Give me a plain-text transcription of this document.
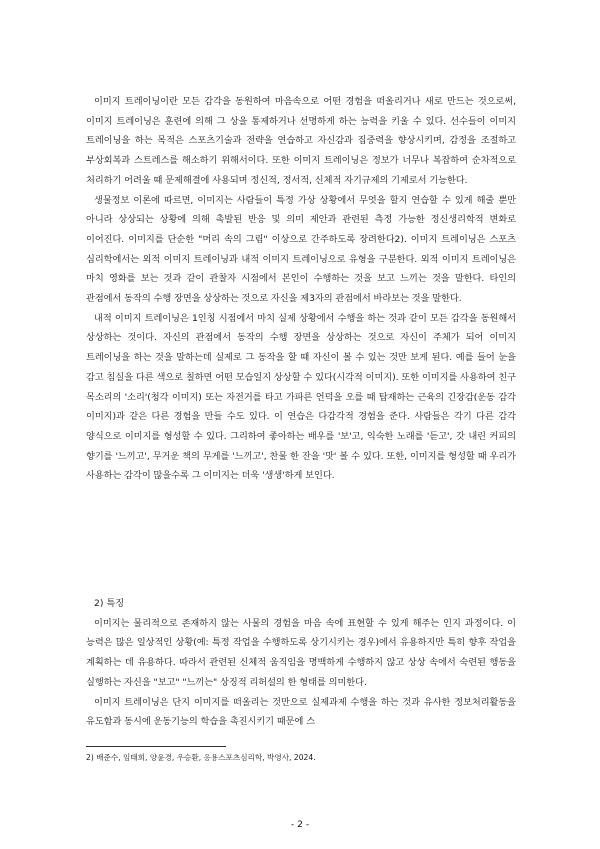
이미지 트레이닝이란 모든 감각을 동원하여 마음속으로 어떤 경험을 떠올리거나 새로 만드는 것으로써, 이미지 트레이닝은 훈련에 의해 그 상을 통제하거나 선명하게 하는 능력을 키울 수 있다. 선수들이 이미지 트레이닝을 하는 목적은 스포츠기술과 전략을 연습하고 자신감과 집중력을 향상시키며, 감정을 조절하고 부상회복과 스트레스를 해소하기 위해서이다. 또한 이미지 트레이닝은 정보가 너무나 복잡하여 순차적으로 처리하기 어려울 때 문제해결에 사용되며 정신적, 정서적, 신체적 자기규제의 기제로서 기능한다.

생물정보 이론에 따르면, 이미지는 사람들이 특정 가상 상황에서 무엇을 할지 연습할 수 있게 해줄 뿐만 아니라 상상되는 상황에 의해 촉발된 반응 및 의미 제안과 관련된 측정 가능한 정신생리학적 변화로 이어진다. 이미지를 단순한 "머리 속의 그림" 이상으로 간주하도록 장려한다2). 이미지 트레이닝은 스포츠 심리학에서는 외적 이미지 트레이닝과 내적 이미지 트레이닝으로 유형을 구분한다. 외적 이미지 트레이닝은 마치 영화를 보는 것과 같이 관찰자 시점에서 본인이 수행하는 것을 보고 느끼는 것을 말한다. 타인의 관점에서 동작의 수행 장면을 상상하는 것으로 자신을 제3자의 관점에서 바라보는 것을 말한다.

내적 이미지 트레이닝은 1인칭 시점에서 마치 실제 상황에서 수행을 하는 것과 같이 모든 감각을 동원해서 상상하는 것이다. 자신의 관점에서 동작의 수행 장면을 상상하는 것으로 자신이 주체가 되어 이미지 트레이닝을 하는 것을 말하는데 실제로 그 동작을 할 때 자신이 볼 수 있는 것만 보게 된다. 예를 들어 눈을 감고 침실을 다른 색으로 칠하면 어떤 모습일지 상상할 수 있다(시각적 이미지). 또한 이미지를 사용하여 친구 목소리의 '소리'(청각 이미지) 또는 자전거를 타고 가파른 언덕을 오를 때 탑재하는 근육의 긴장감(운동 감각 이미지)과 같은 다른 경험을 만들 수도 있다. 이 연습은 다감각적 경험을 준다. 사람들은 각기 다른 감각 양식으로 이미지를 형성할 수 있다. 그리하여 좋아하는 배우를 '보'고, 익숙한 노래를 '듣고', 갓 내린 커피의 향기를 '느끼고', 무거운 책의 무게를 '느끼고', 찬물 한 잔을 '맛' 볼 수 있다. 또한, 이미지를 형성할 때 우리가 사용하는 감각이 많을수록 그 이미지는 더욱 '생생'하게 보인다.

2) 특징

이미지는 물리적으로 존재하지 않는 사물의 경험을 마음 속에 표현할 수 있게 해주는 인지 과정이다. 이 능력은 많은 일상적인 상황(예: 특정 작업을 수행하도록 상기시키는 경우)에서 유용하지만 특히 향후 작업을 계획하는 데 유용하다. 따라서 관련된 신체적 움직임을 명백하게 수행하지 않고 상상 속에서 숙련된 행동을 실행하는 자신을 "보고" "느끼는" 상징적 리허설의 한 형태를 의미한다.

이미지 트레이닝은 단지 이미지를 떠올리는 것만으로 실제과제 수행을 하는 것과 유사한 정보처리활동을 유도함과 동시에 운동기능의 학습을 촉진시키기 때문에 스

2) 배준수, 임태희, 양윤경, 우승환, 응용스포츠심리학, 박영사, 2024.

- 2 -
